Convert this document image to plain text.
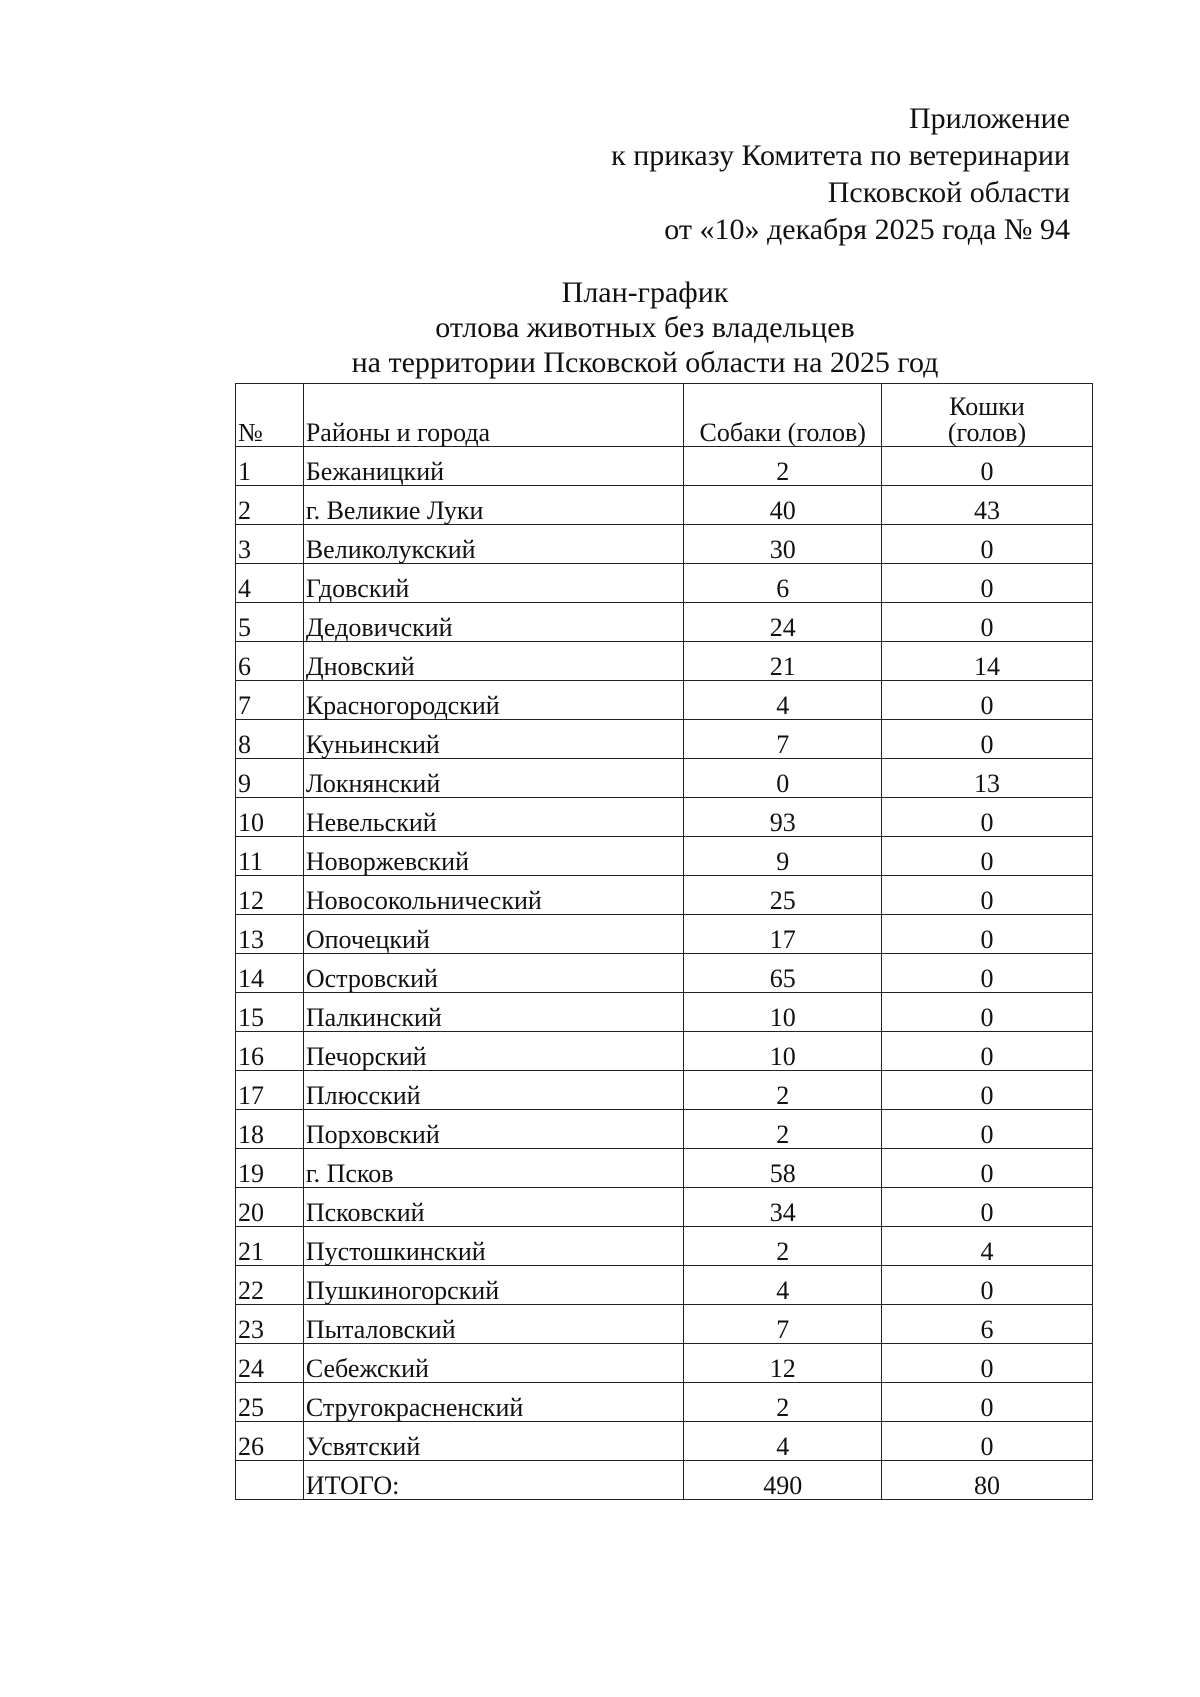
Приложение
к приказу Комитета по ветеринарии
Псковской области
от «10» декабря 2025 года № 94
План-график
отлова животных без владельцев
на территории Псковской области на 2025 год
№	Районы и города	Собаки (голов)	Кошки
(голов)

1	Бежаницкий	2	0
2	г. Великие Луки	40	43
3	Великолукский	30	0
4	Гдовский	6	0
5	Дедовичский	24	0
6	Дновский	21	14
7	Красногородский	4	0
8	Куньинский	7	0
9	Локнянский	0	13
10	Невельский	93	0
11	Новоржевский	9	0
12	Новосокольнический	25	0
13	Опочецкий	17	0
14	Островский	65	0
15	Палкинский	10	0
16	Печорский	10	0
17	Плюсский	2	0
18	Порховский	2	0
19	г. Псков	58	0
20	Псковский	34	0
21	Пустошкинский	2	4
22	Пушкиногорский	4	0
23	Пыталовский	7	6
24	Себежский	12	0
25	Стругокрасненский	2	0
26	Усвятский	4	0
	ИТОГО:	490	80
